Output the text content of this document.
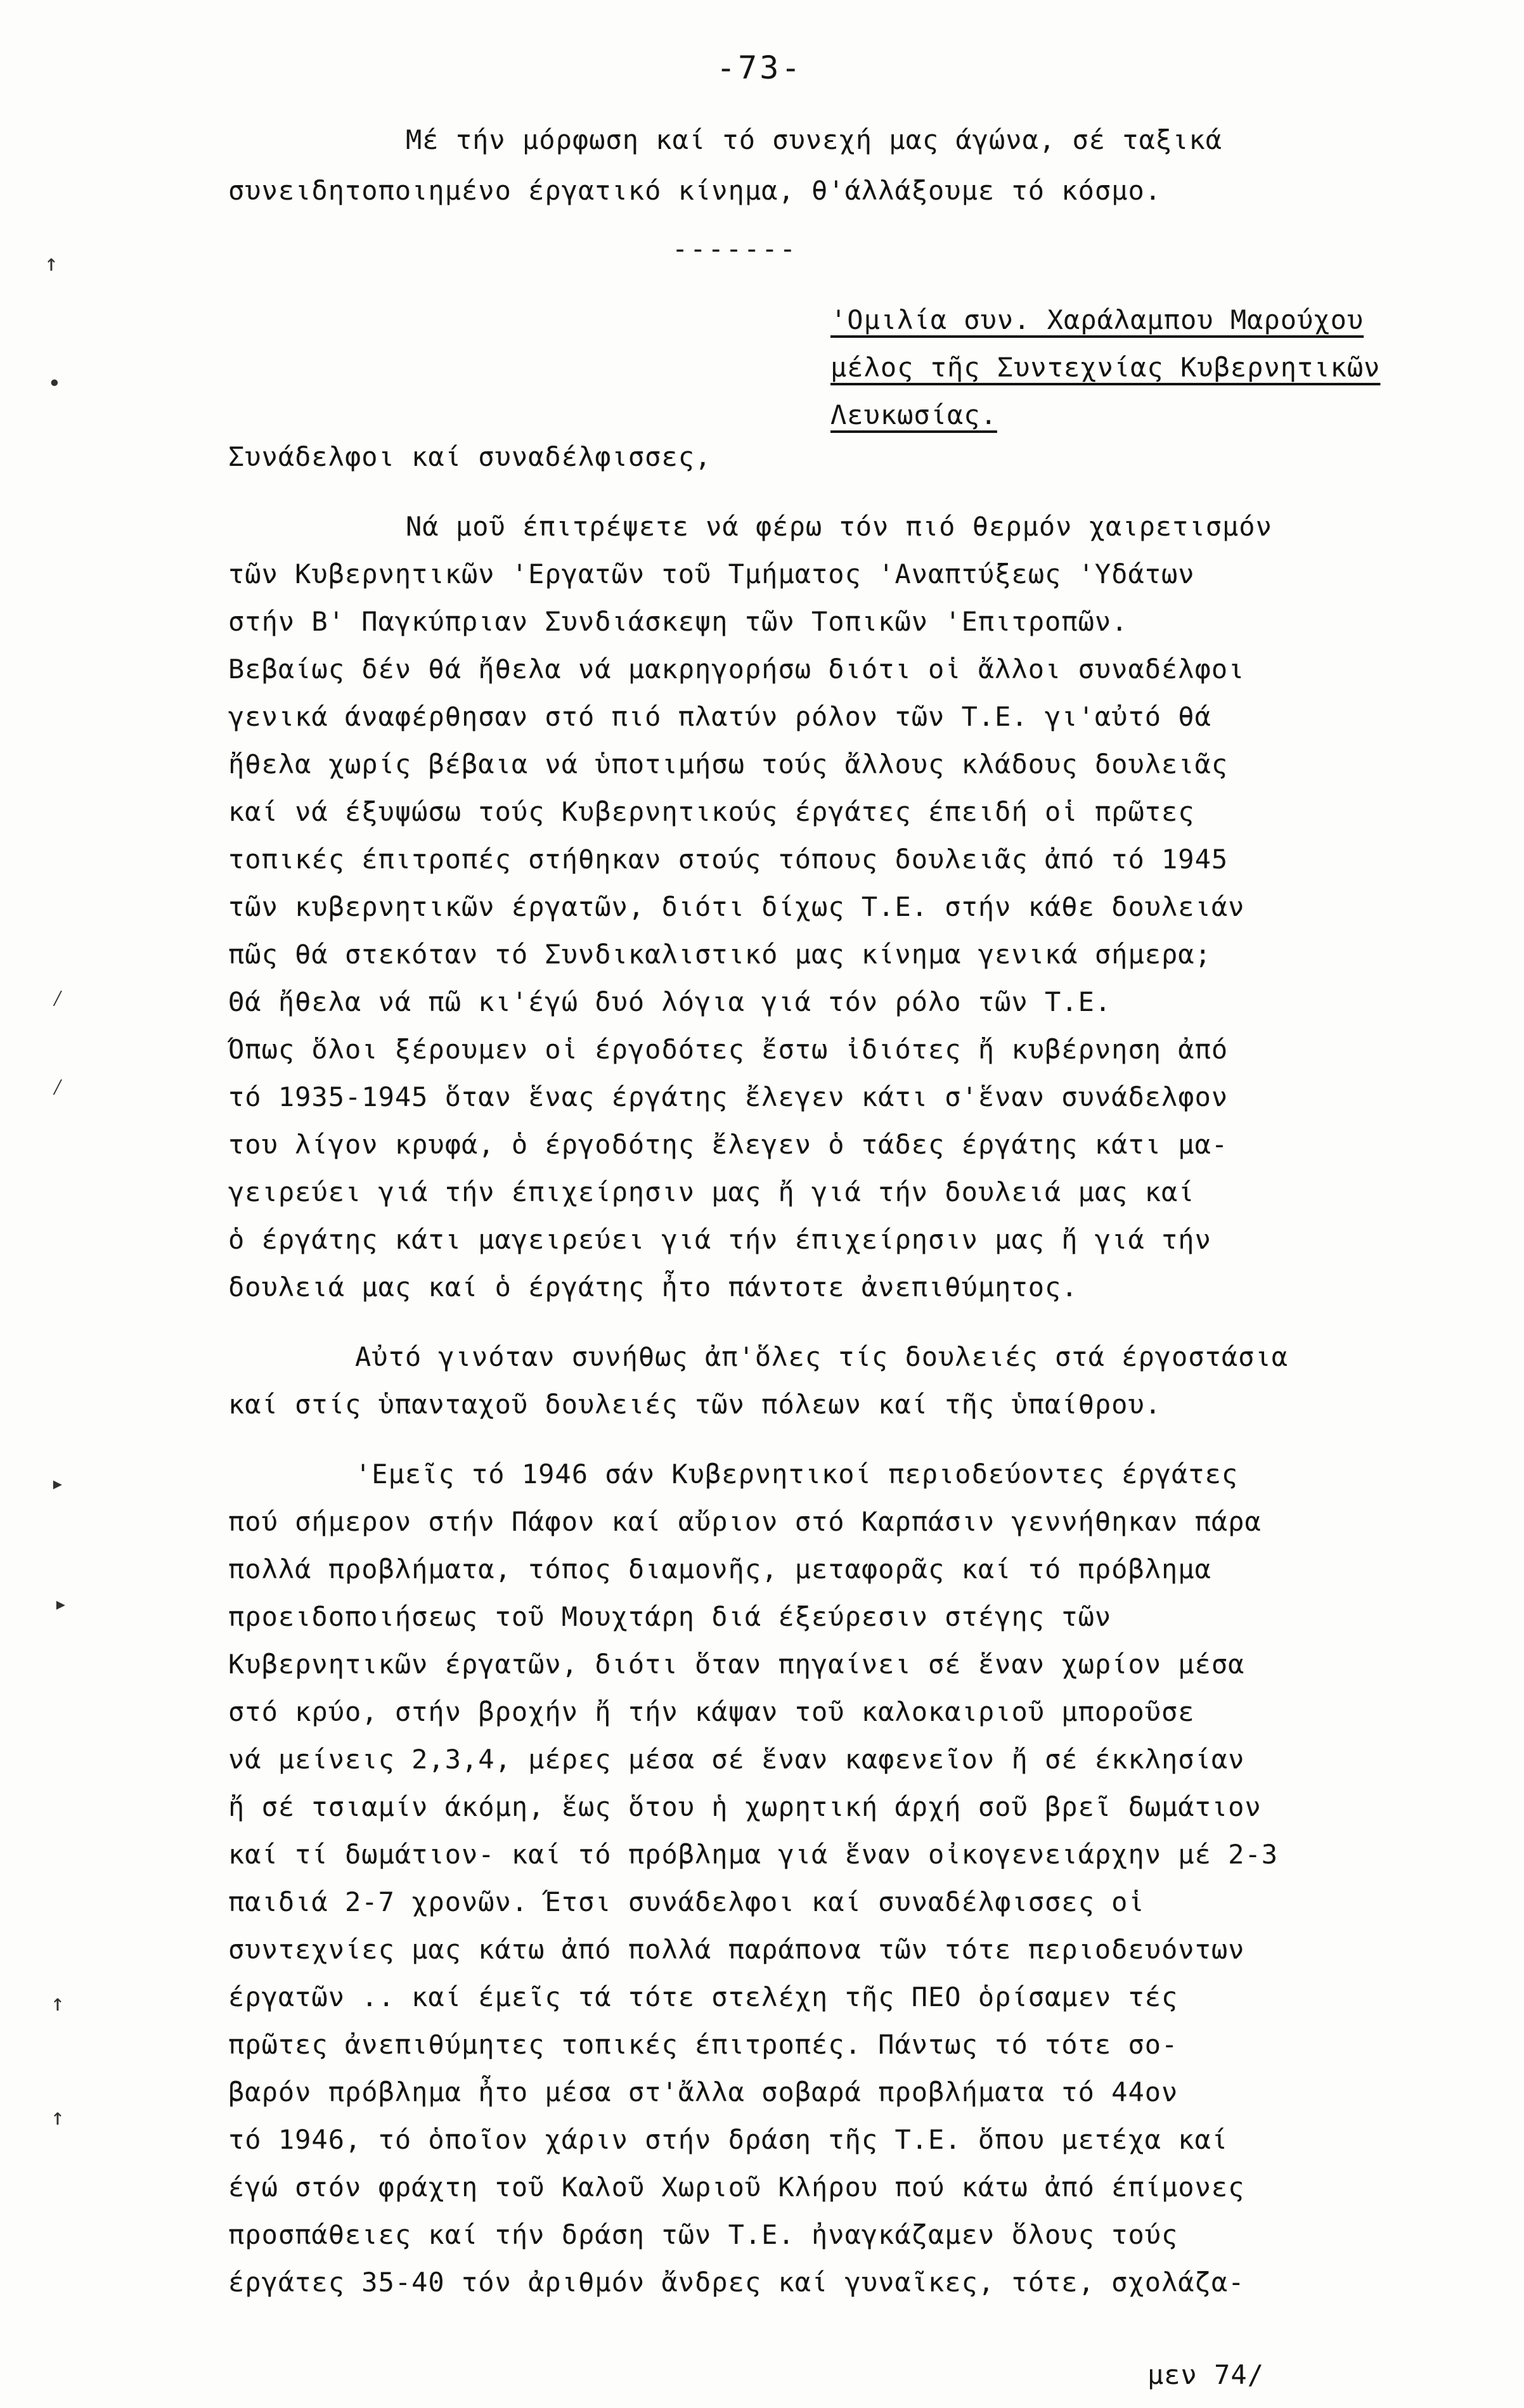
-73-
Μέ τήν μόρφωση καί τό συνεχή μας άγώνα, σέ ταξικά
συνειδητοποιημένο έργατικό κίνημα, θ'άλλάξουμε τό κόσμο.
-------
'Ομιλία συν. Χαράλαμπου Μαρούχου
μέλος τῆς Συντεχνίας Κυβερνητικῶν
Λευκωσίας.
Συνάδελφοι καί συναδέλφισσες,
Νά μοῦ έπιτρέψετε νά φέρω τόν πιό θερμόν χαιρετισμόν
τῶν Κυβερνητικῶν 'Εργατῶν τοῦ Τμήματος 'Αναπτύξεως 'Υδάτων
στήν Β' Παγκύπριαν Συνδιάσκεψη τῶν Τοπικῶν 'Επιτροπῶν.
Βεβαίως δέν θά ἤθελα νά μακρηγορήσω διότι οἱ ἄλλοι συναδέλφοι
γενικά άναφέρθησαν στό πιό πλατύν ρόλον τῶν Τ.Ε. γι'αὐτό θά
ἤθελα χωρίς βέβαια νά ὑποτιμήσω τούς ἄλλους κλάδους δουλειᾶς
καί νά έξυψώσω τούς Κυβερνητικούς έργάτες έπειδή οἱ πρῶτες
τοπικές έπιτροπές στήθηκαν στούς τόπους δουλειᾶς ἀπό τό 1945
τῶν κυβερνητικῶν έργατῶν, διότι δίχως Τ.Ε. στήν κάθε δουλειάν
πῶς θά στεκόταν τό Συνδικαλιστικό μας κίνημα γενικά σήμερα;
Θά ἤθελα νά πῶ κι'έγώ δυό λόγια γιά τόν ρόλο τῶν Τ.Ε.
Όπως ὅλοι ξέρουμεν οἱ έργοδότες ἔστω ἰδιότες ἤ κυβέρνηση ἀπό
τό 1935-1945 ὅταν ἕνας έργάτης ἔλεγεν κάτι σ'ἕναν συνάδελφον
του λίγον κρυφά, ὁ έργοδότης ἔλεγεν ὁ τάδες έργάτης κάτι μα-
γειρεύει γιά τήν έπιχείρησιν μας ἤ γιά τήν δουλειά μας καί
ὁ έργάτης κάτι μαγειρεύει γιά τήν έπιχείρησιν μας ἤ γιά τήν
δουλειά μας καί ὁ έργάτης ἦτο πάντοτε ἀνεπιθύμητος.
Αὐτό γινόταν συνήθως ἀπ'ὅλες τίς δουλειές στά έργοστάσια
καί στίς ὑπανταχοῦ δουλειές τῶν πόλεων καί τῆς ὑπαίθρου.
'Εμεῖς τό 1946 σάν Κυβερνητικοί περιοδεύοντες έργάτες
πού σήμερον στήν Πάφον καί αὔριον στό Καρπάσιν γεννήθηκαν πάρα
πολλά προβλήματα, τόπος διαμονῆς, μεταφορᾶς καί τό πρόβλημα
προειδοποιήσεως τοῦ Μουχτάρη διά έξεύρεσιν στέγης τῶν
Κυβερνητικῶν έργατῶν, διότι ὅταν πηγαίνει σέ ἕναν χωρίον μέσα
στό κρύο, στήν βροχήν ἤ τήν κάψαν τοῦ καλοκαιριοῦ μποροῦσε
νά μείνεις 2,3,4, μέρες μέσα σέ ἕναν καφενεῖον ἤ σέ έκκλησίαν
ἤ σέ τσιαμίν άκόμη, ἕως ὅτου ἡ χωρητική άρχή σοῦ βρεῖ δωμάτιον
καί τί δωμάτιον- καί τό πρόβλημα γιά ἕναν οἰκογενειάρχην μέ 2-3
παιδιά 2-7 χρονῶν. Έτσι συνάδελφοι καί συναδέλφισσες οἱ
συντεχνίες μας κάτω ἀπό πολλά παράπονα τῶν τότε περιοδευόντων
έργατῶν .. καί έμεῖς τά τότε στελέχη τῆς ΠΕΟ ὁρίσαμεν τές
πρῶτες ἀνεπιθύμητες τοπικές έπιτροπές. Πάντως τό τότε σο-
βαρόν πρόβλημα ἦτο μέσα στ'ἄλλα σοβαρά προβλήματα τό 44ον
τό 1946, τό ὁποῖον χάριν στήν δράση τῆς Τ.Ε. ὅπου μετέχα καί
έγώ στόν φράχτη τοῦ Καλοῦ Χωριοῦ Κλήρου πού κάτω ἀπό έπίμονες
προσπάθειες καί τήν δράση τῶν Τ.Ε. ἠναγκάζαμεν ὅλους τούς
έργάτες 35-40 τόν ἀριθμόν ἄνδρες καί γυναῖκες, τότε, σχολάζα-
μεν 74/
↑
•
⁄
⁄
▸
▸
↑
↑
